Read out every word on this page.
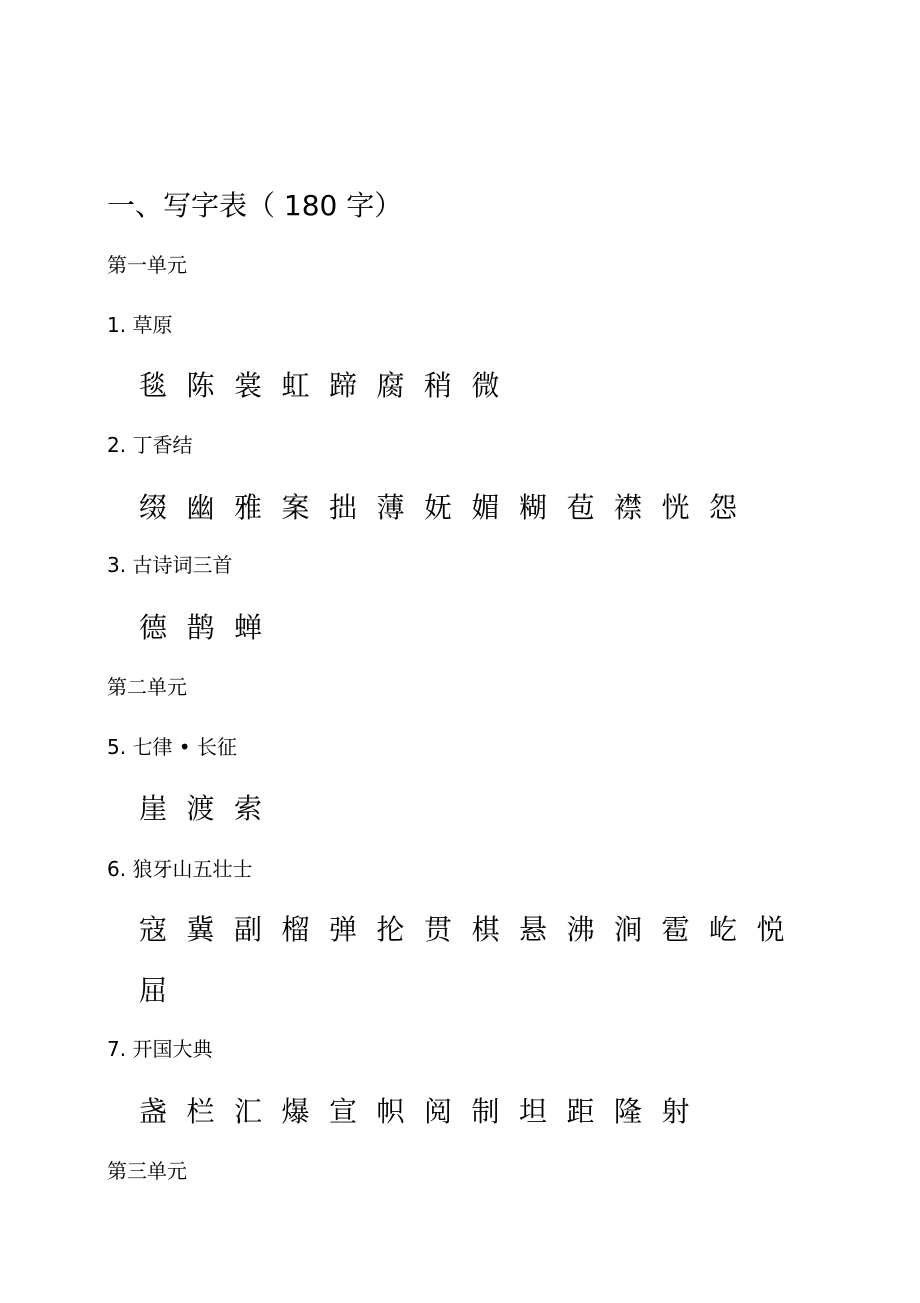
一、写字表（ 180 字）
第一单元
1. 草原
毯 陈 裳 虹 蹄 腐 稍 微
2. 丁香结
缀 幽 雅 案 拙 薄 妩 媚 糊 苞 襟 恍 怨
3. 古诗词三首
德 鹊 蝉
第二单元
5. 七律 • 长征
崖 渡 索
6. 狼牙山五壮士
寇 冀 副 榴 弹 抡 贯 棋 悬 沸 涧 雹 屹 悦
屈
7. 开国大典
盏 栏 汇 爆 宣 帜 阅 制 坦 距 隆 射
第三单元
